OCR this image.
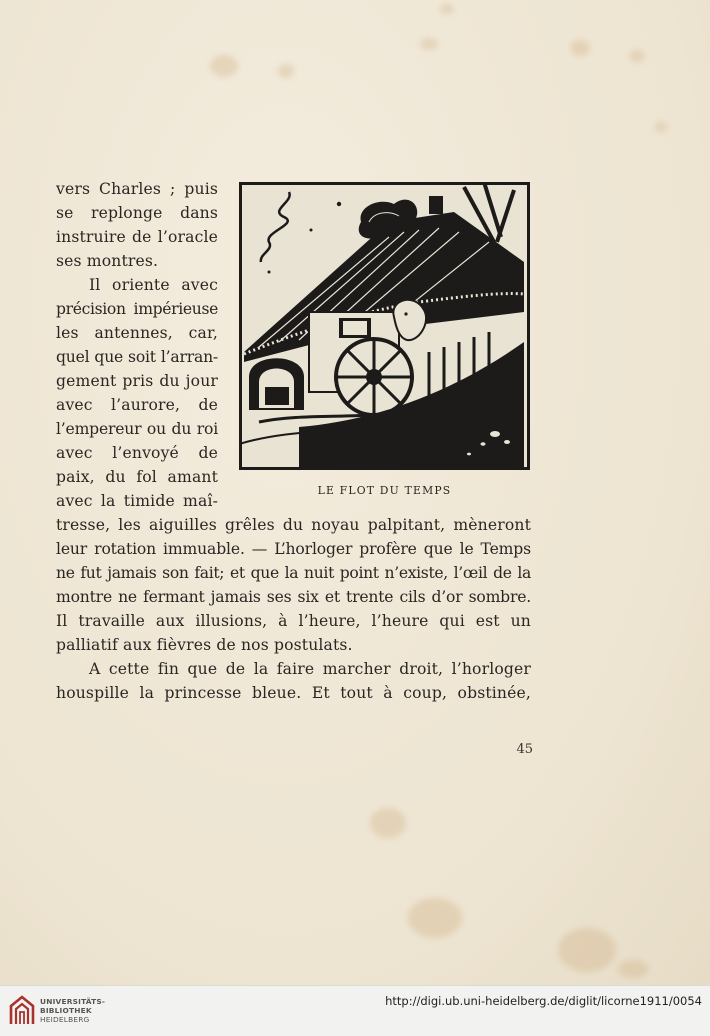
vers Charles ; puis
se replonge dans
instruire de l’oracle
ses montres.
Il oriente avec
précision impérieuse
les antennes, car,
quel que soit l’arran-
gement pris du jour
avec l’aurore, de
l’empereur ou du roi
avec l’envoyé de
paix, du fol amant
avec la timide maî-
tresse, les aiguilles grêles du noyau palpitant, mèneront
leur rotation immuable. — L’horloger profère que le Temps
ne fut jamais son fait; et que la nuit point n’existe, l’œil de la
montre ne fermant jamais ses six et trente cils d’or sombre.
Il travaille aux illusions, à l’heure, l’heure qui est un
palliatif aux fièvres de nos postulats.
A cette fin que de la faire marcher droit, l’horloger
houspille la princesse bleue. Et tout à coup, obstinée,
LE FLOT DU TEMPS
45
UNIVERSITÄTS-
BIBLIOTHEK
HEIDELBERG
http://digi.ub.uni-heidelberg.de/diglit/licorne1911/0054
